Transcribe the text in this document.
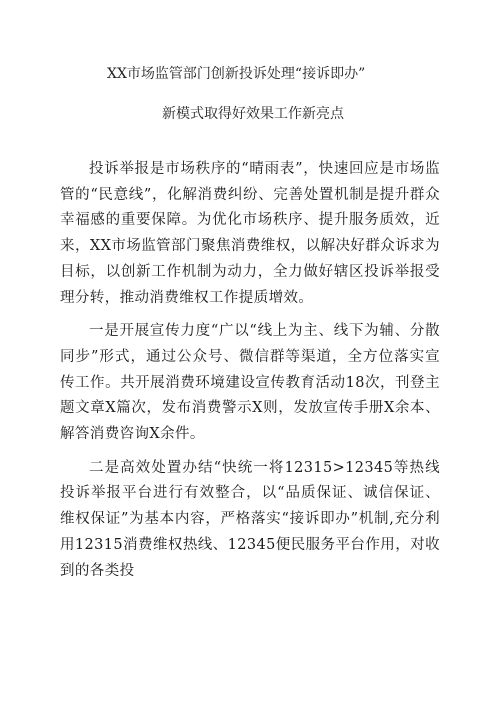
XX市场监管部门创新投诉处理“接诉即办”
新模式取得好效果工作新亮点

投诉举报是市场秩序的“晴雨表”，快速回应是市场监管的“民意线”，化解消费纠纷、完善处置机制是提升群众幸福感的重要保障。为优化市场秩序、提升服务质效，近来，XX市场监管部门聚焦消费维权，以解决好群众诉求为目标，以创新工作机制为动力，全力做好辖区投诉举报受理分转，推动消费维权工作提质增效。

一是开展宣传力度“广以“线上为主、线下为辅、分散同步”形式，通过公众号、微信群等渠道，全方位落实宣传工作。共开展消费环境建设宣传教育活动18次，刊登主题文章X篇次，发布消费警示X则，发放宣传手册X余本、解答消费咨询X余件。

二是高效处置办结“快统一将12315>12345等热线投诉举报平台进行有效整合，以“品质保证、诚信保证、维权保证”为基本内容，严格落实“接诉即办”机制,充分利用12315消费维权热线、12345便民服务平台作用，对收到的各类投
